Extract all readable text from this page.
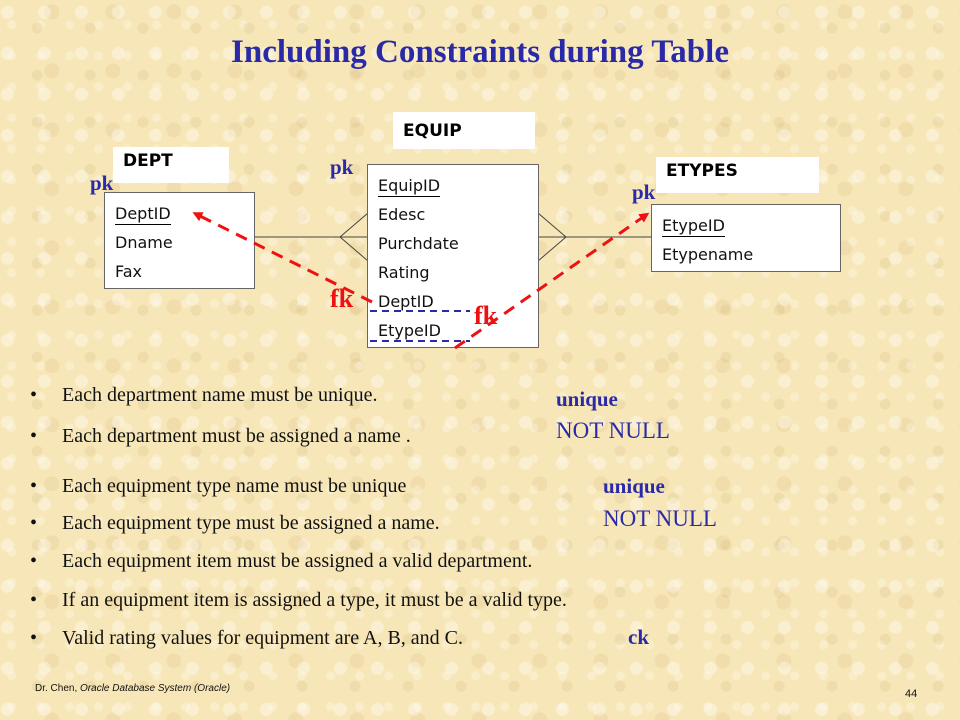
Including Constraints during Table
DEPT
EQUIP
ETYPES
DeptID
Dname
Fax
EquipID
Edesc
Purchdate
Rating
DeptID
EtypeID
EtypeID
Etypename
pk
pk
pk
fk
fk
• Each department name must be unique.
• Each department must be assigned a name .
• Each equipment type name must be unique
• Each equipment type must be assigned a name.
• Each equipment item must be assigned a valid department.
• If an equipment item is assigned a type, it must be a valid type.
• Valid rating values for equipment are A, B, and C.
unique
NOT NULL
unique
NOT NULL
ck
Dr. Chen, Oracle Database System (Oracle)	44
